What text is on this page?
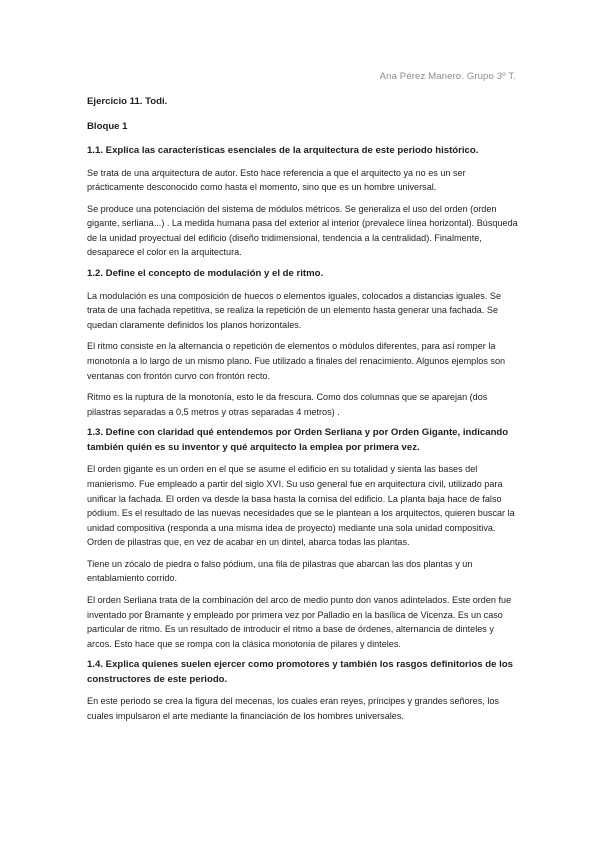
Ana Pérez Manero. Grupo 3º T.
Ejercicio 11. Todi.
Bloque 1
1.1. Explica las características esenciales de la arquitectura de este periodo histórico.
Se trata de una arquitectura de autor. Esto hace referencia a que el arquitecto ya no es un ser prácticamente desconocido como hasta el momento, sino que es un hombre universal.
Se produce una potenciación del sistema de módulos métricos. Se generaliza el uso del orden (orden gigante, serliana...) . La medida humana pasa del exterior al interior (prevalece línea horizontal). Búsqueda de la unidad proyectual del edificio (diseño tridimensional, tendencia a la centralidad). Finalmente, desaparece el color en la arquitectura.
1.2. Define el concepto de modulación y el de ritmo.
La modulación es una composición de huecos o elementos iguales, colocados a distancias iguales. Se trata de una fachada repetitiva, se realiza la repetición de un elemento hasta generar una fachada. Se quedan claramente definidos los planos horizontales.
El ritmo consiste en la alternancia o repetición de elementos o módulos diferentes, para así romper la monotonía a lo largo de un mismo plano. Fue utilizado a finales del renacimiento. Algunos ejemplos son ventanas con frontón curvo con frontón recto.
Ritmo es la ruptura de la monotonía, esto le da frescura. Como dos columnas que se aparejan (dos pilastras separadas a 0,5 metros y otras separadas 4 metros) .
1.3. Define con claridad qué entendemos por Orden Serliana y por Orden Gigante, indicando también quién es su inventor y qué arquitecto la emplea por primera vez.
El orden gigante es un orden en el que se asume el edificio en su totalidad y sienta las bases del manierismo. Fue empleado a partir del siglo XVI. Su uso general fue en arquitectura civil, utilizado para unificar la fachada. El orden va desde la basa hasta la cornisa del edificio. La planta baja hace de falso pódium. Es el resultado de las nuevas necesidades que se le plantean a los arquitectos, quieren buscar la unidad compositiva (responda a una misma idea de proyecto) mediante una sola unidad compositiva. Orden de pilastras que, en vez de acabar en un dintel, abarca todas las plantas.
Tiene un zócalo de piedra o falso pódium, una fila de pilastras que abarcan las dos plantas y un entablamiento corrido.
El orden Serliana trata de la combinación del arco de medio punto don vanos adintelados. Este orden fue inventado por Bramante y empleado por primera vez por Palladio en la basílica de Vicenza. Es un caso particular de ritmo. Es un resultado de introducir el ritmo a base de órdenes, alternancia de dinteles y arcos. Esto hace que se rompa con la clásica monotonía de pilares y dinteles.
1.4. Explica quienes suelen ejercer como promotores y también los rasgos definitorios de los constructores de este periodo.
En este periodo se crea la figura del mecenas, los cuales eran reyes, príncipes y grandes señores, los cuales impulsaron el arte mediante la financiación de los hombres universales.
